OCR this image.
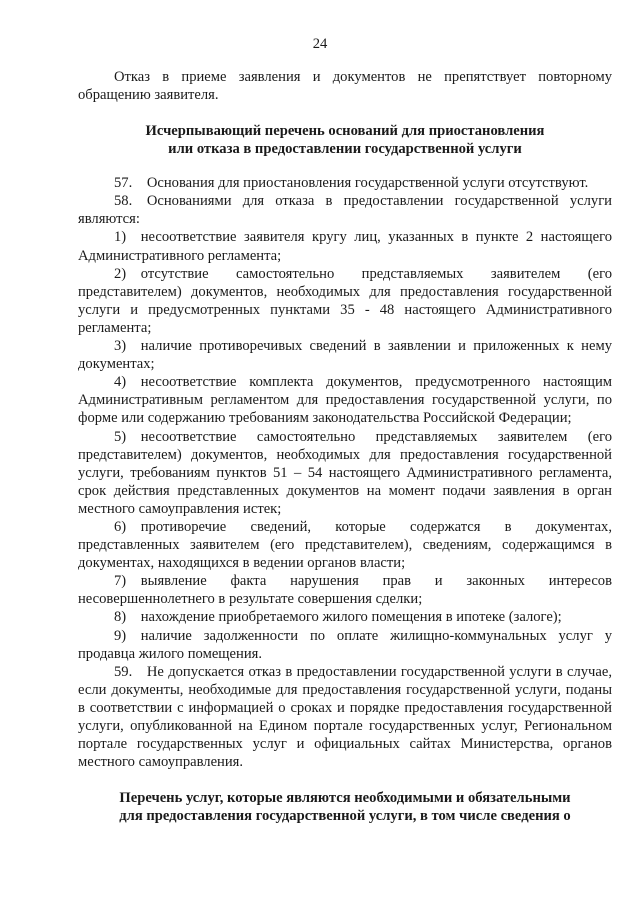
24

Отказ в приеме заявления и документов не препятствует повторному обращению заявителя.

Исчерпывающий перечень оснований для приостановления

или отказа в предоставлении государственной услуги

57. Основания для приостановления государственной услуги отсутствуют.

58. Основаниями для отказа в предоставлении государственной услуги являются:

1) несоответствие заявителя кругу лиц, указанных в пункте 2 настоящего Административного регламента;

2) отсутствие самостоятельно представляемых заявителем (его представителем) документов, необходимых для предоставления государственной услуги и предусмотренных пунктами 35 - 48 настоящего Административного регламента;

3) наличие противоречивых сведений в заявлении и приложенных к нему документах;

4) несоответствие комплекта документов, предусмотренного настоящим Административным регламентом для предоставления государственной услуги, по форме или содержанию требованиям законодательства Российской Федерации;

5) несоответствие самостоятельно представляемых заявителем (его представителем) документов, необходимых для предоставления государственной услуги, требованиям пунктов 51 – 54 настоящего Административного регламента, срок действия представленных документов на момент подачи заявления в орган местного самоуправления истек;

6) противоречие сведений, которые содержатся в документах, представленных заявителем (его представителем), сведениям, содержащимся в документах, находящихся в ведении органов власти;

7) выявление факта нарушения прав и законных интересов несовершеннолетнего в результате совершения сделки;

8) нахождение приобретаемого жилого помещения в ипотеке (залоге);

9) наличие задолженности по оплате жилищно-коммунальных услуг у продавца жилого помещения.

59. Не допускается отказ в предоставлении государственной услуги в случае, если документы, необходимые для предоставления государственной услуги, поданы в соответствии с информацией о сроках и порядке предоставления государственной услуги, опубликованной на Едином портале государственных услуг, Региональном портале государственных услуг и официальных сайтах Министерства, органов местного самоуправления.

Перечень услуг, которые являются необходимыми и обязательными

для предоставления государственной услуги, в том числе сведения о
